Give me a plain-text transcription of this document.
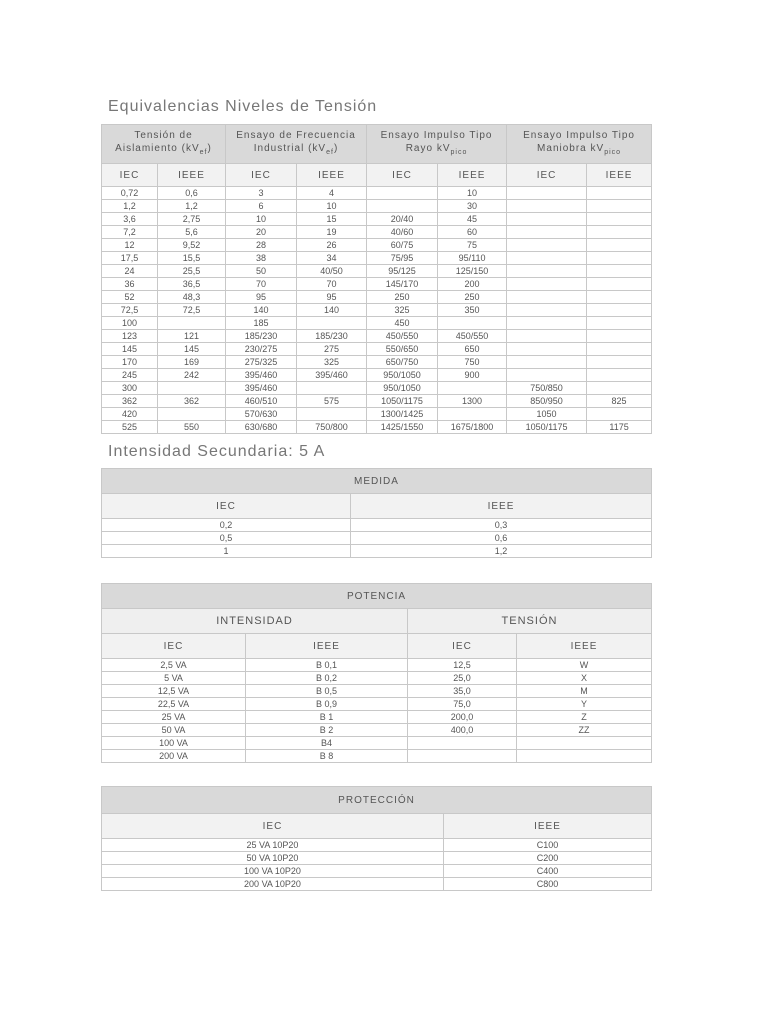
Equivalencias Niveles de Tensión
Tensión de
Aislamiento $(kV_{ef})$		Ensayo de Frecuencia
Industrial $(kV_{ef})$		Ensayo Impulso Tipo
Rayo $kV_{pico}$		Ensayo Impulso Tipo
Maniobra $kV_{pico}$
IEC	IEEE	IEC	IEEE	IEC	IEEE	IEC	IEEE
0,72	0,6	3	4		10		
1,2	1,2	6	10		30		
3,6	2,75	10	15	20/40	45		
7,2	5,6	20	19	40/60	60		
12	9,52	28	26	60/75	75		
17,5	15,5	38	34	75/95	95/110		
24	25,5	50	40/50	95/125	125/150		
36	36,5	70	70	145/170	200		
52	48,3	95	95	250	250		
72,5	72,5	140	140	325	350		
100		185		450			
123	121	185/230	185/230	450/550	450/550		
145	145	230/275	275	550/650	650		
170	169	275/325	325	650/750	750		
245	242	395/460	395/460	950/1050	900		
300		395/460		950/1050		750/850	
362	362	460/510	575	1050/1175	1300	850/950	825
420		570/630		1300/1425		1050	
525	550	630/680	750/800	1425/1550	1675/1800	1050/1175	1175
Intensidad Secundaria: 5 A
MEDIDA	
IEC	IEEE
0,2	0,3
0,5	0,6
1	1,2
POTENCIA			
INTENSIDAD		TENSIÓN	
IEC	IEEE	IEC	IEEE
2,5 VA	B 0,1	12,5	W
5 VA	B 0,2	25,0	X
12,5 VA	B 0,5	35,0	M
22,5 VA	B 0,9	75,0	Y
25 VA	B 1	200,0	Z
50 VA	B 2	400,0	ZZ
100 VA	B4		
200 VA	B 8		
PROTECCIÓN	
IEC	IEEE
25 VA 10P20	C100
50 VA 10P20	C200
100 VA 10P20	C400
200 VA 10P20	C800
